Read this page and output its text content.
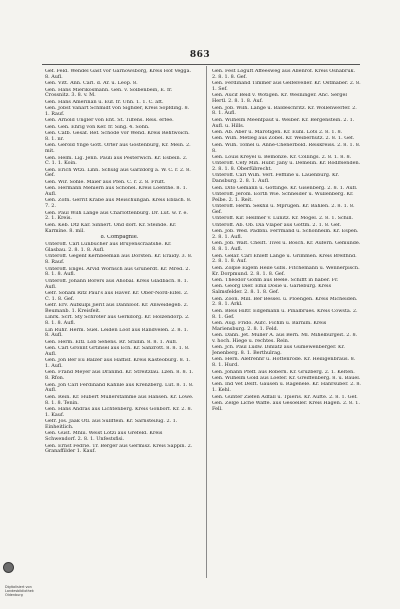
863

Gef. Feld. Wendel Gast vor Garnowsborg, Kreis Hof Vegga. 8. Aufl.

Gen. Vitt. Ann. Carl. d. Ar. u. Leop. 8.

Gen. Hans Mierikosmann. Gen. v. Solbenbein, E. fr. Crossnitz. 3. 8. v. M.

Gen. Hans Amerinan u. Euf. fr. Uhn. 1. 1. C. aft.

Gen. Jobst Vanart Schmidt von Sighder, Kreis Sopfding. 8. 1. Rauf.

Gen. Arnold Ungler von Eht. St. Tilfens. Reis. erfee.

Gen. Gen. Ehrig von Ker. fr. Sing. 4. Sohn.

Gen. Cafb. Gesaf. Ref. Schöde vor Wend. Kreis Rehtwoich. 8. 1. nr.

Gen. Gerold Ynge Gott. Orter aus Gostenburg, Kr. Mein. 2. mit.

Gen. Helm. Lig. Jenn. Pauli aus Pesterwich. Kr. Esbein. 2. C. 1. 1. Koin.

Gen. Erich Wtzi. Linn. Schulg aus Garzdorg a. W. C. r. 2. 8. Gef.

Gen. Wir. Sohle. Maier aus Pfen. C. r. 2. 8. Fruft.

Gen. Hermann Mehiern aus Schönel. Kreis Loenthe. 8. 1. Aufl.

Gen. Zofn. Gerrit Krabe aus Meischungan. Kreis Eblach. 8. 7. 2.

Gen. Paul Wilh Lange aus Charlottenburg. Dr. Lut. w. r. e. 2. 1. Kreis.

Gen. Keb. Dtz Kar. Sinnert. Ond dorf. Kr. Steinde. Kr. Karmine. 8. mil.

8. Compagnie.

Unteroff. Carl Lunbücher aus Bruyenscraatshe. Kr. Glasbau. 2. 8. 1. 8. Aufl.

Unteroff. Gegenf Kerhbeeman aus Dorsten. Kr. Eraidy. 3. 8. 8. Rauf.

Unteroff. Engel. Arvid Wornsch aus Grunerdt. Kr. Mred. 2. 8. 1. 8. Aufl.

Unteroff. Johann Borers aus Ahobal. Kreis Gladbach. 8. 1. Aufl.

Gefr. Soham Ritz Paul's aus Haver. Kr. Ober-Nord-Eifel. 2. C. 1. 8. Gef.

Gefr. Erv. Aufkulpi Jierit aus Dannloof. Kr. Anweidegeb. 2. Beumanb. 1. Kreisfeit.

Linrk. Scrf. Sty Schröter aus Gerkdorg. Kr. Holzendorp. 2. 8. 1. 8. Aufl.

Lin Ruhr. Herm. Suel. Leiden Loof aus Randvelen. 2. 8. 1. 8. Aufl.

Gen. Herm. Eltl. Lob Sehens. Rr. Srallin. 8. 8. 1. Aufl.

Gen. Carl Gronnt Grtihsel aus Ech. Kr. Sanzrott. 8. 8. 1. 8. Aufl.

Gen. Joh Ber Eu Balzer aus Haffisf. Kreis Kasteoburg. 8. 1. 1. Aufl.

Gen. Frand Meyer aus Dranmd. Kr. Streitzlau. Lzen. 8. 8. 1. 8. Rfon.

Gen. Joh Carl Ferdinand Kahnle aus Krenzberg. Lut. 8. 1. 8. Aufl.

Gen. Rein. Kr. Hubert Müllerstamme aus Hänsen. Kr. Löwe. 8. 1. 8. Tenin.

Gen. Hans Andras aus Lichtenberg. Kreis Gönborf. Kr. 2. 8. 1. Kauf.

Gefr. Jos. Jaak Otl. aus Süllftein. Kr. Sarnsteilug. 2. 1. Einheitlich.

Gen. Gust. Mhlii. Weist Lötzi aus Grefeld. Kreis Schwendorf. 2. 8. 1. Unfestsfisi.

Gen. Ernst Fedrie. Tr. Berger aus Germisz. Kreis Sappin. 2. Granaffilder 1. Kauf.

Gen. Fest Loguft Affeesweg aus Allenrof. Kreis Osnabrük. 2. 8. 1. 8. Gef.

Gen. Ferdinand Timmer aus Gelfelveller. Kr. Ostmäber. 2. 8. 1. Sef.

Gen. Aucif Beid v. Wotigen. Kr. Wesninger. Ahc. Sergel Hertl. 2. 8. 1. 8. Auf.

Gen. Job. Wilh. Lange u. Baldeschritz. Kr. Wollenwerfer. 2. 8. 1. Aufl.

Gen. Wilhelm Meenfpaut u. Weiber. Kr. Bergenstein. 2. 1. Aufl. u. Hills.

Gen. Ab. Aber u. Marotigen. Kr. Euhl. Lots 2. 8. 1. 8.

Gen. Wilh. Metleg aus Zobel. Kr. Weiberhutz. 2. 8. 1. Gef.

Gen. Wilh. Tomel u. Anne-Chenerbold. Reiskreiss. 2. 8. 1. 8. 8.

Gen. Louis Kreyel u. Bemonze. Kr. Collings. 2. 8. 1. 8. 8.

Unteroff. Cefy Mih. Hubr. Jany u. Demelin. Kr. Rodlfsenden. 2. 8. 1. 8. Oberfübrecht.

Unteroff. Carl Wilh. Verf. Feffline u. Lauenburg. Kr. Dansburg. 2. 8. 1. Aufl.

Gen. Dito Gemann u. Göttinge. Kr. Gisenberg. 2. 8. 1. Aufl.

Unteroff. Jerom. Eorth Wie. Schneider u. Wullenberg. Kr. Peibe. 2. 1. Reit.

Unteroff. Herm. Sekhil u. Mprugen. Kr. Bahlen. 2. 8. 1. 8. Gef.

Unteroff. Kir. Hellmer v. Lunitz. Kr. Mögel. 2. 8. 1. Schill.

Unteroff. Ab. Ob. Dia Vlaper aus Gottm. 2. 1. 8. Gef.

Gen. Job. Wed. Padbni. Ferrmand u. Schönheim. Kr. Espen. 2. 8. 1. Aufl.

Gen. Job. Walt. Cheift. Tivel u. Bosch. Kr. Aufern. Gemünde. 8. 8. 1. Aufl.

Gen. Gelar. Carl Ehleff Lange u. Grimmen. Kreis Brelfhnd. 2. 8. 1. 8. Auf.

Gen. Zolpie Eigem Heile Gifls. Fitchemann u. Wennerpisch. Kr. Dorpmund. 2. 8. 1. 8. Gef.

Gen. Theodor Gohm aus Beele. Schifft in haber. Fr.

Gen. Georg Dier. Emil Dosie u. Garleburg. Kreis Salmsfelder. 2. 8. 1. 8. Gef.

Gen. Zoon. Mill. Ber Bessel. u. Ploengen. Kreis Micheiden. 2. 8. 1. Arkl.

Gen. Bleis Hiltr. Edgemann u. Pinalbrues. Kreis Cowsta. 2. 8. 1. Gef.

Gen. Aug. Frido. Aüfc. Fichm u. Barnim. Kreis Mariensburg. 2. 8. 1. Feld.

Gen. Dann. Jet. Müller A. aus Berh. Ml. Mihelburgeit. 2. 8. v. hoch. Hiege u. rechtes. Rein.

Gen. Jch. Paul Ludw. Dihlatz aus Gumewenberger. Kr. Jenenberg. 8. 1. Berthulrag.

Gen. Hern. Alefrenhr u. Hottenrode. Kr. Heiligenbraus. 8. 8. 1. Hurd.

Gen. Johann Pfeff. aus Robern. Kr. Gruzberg. 2. 1. Kelten.

Gen. Wilhelm Gold aus Loefer. Kr. Greiffenberg. 8. u. Bauel.

Gen. Ind Vet Delft. Gausen u. Ragenele. Kr. Hanrsuber. 2. 8. 1. Kehl.

Gen. Gunter Ziefen Adfall u. Tpieris. Kr. Aufte. 2. 8. 1. Gef.

Gen. Zelge Liche Waffe. aus Gesoeller. Kreis Hagen. 2. 8. 1. Fell.

Digitalisiert von
Landesbibliothek
Oldenburg
